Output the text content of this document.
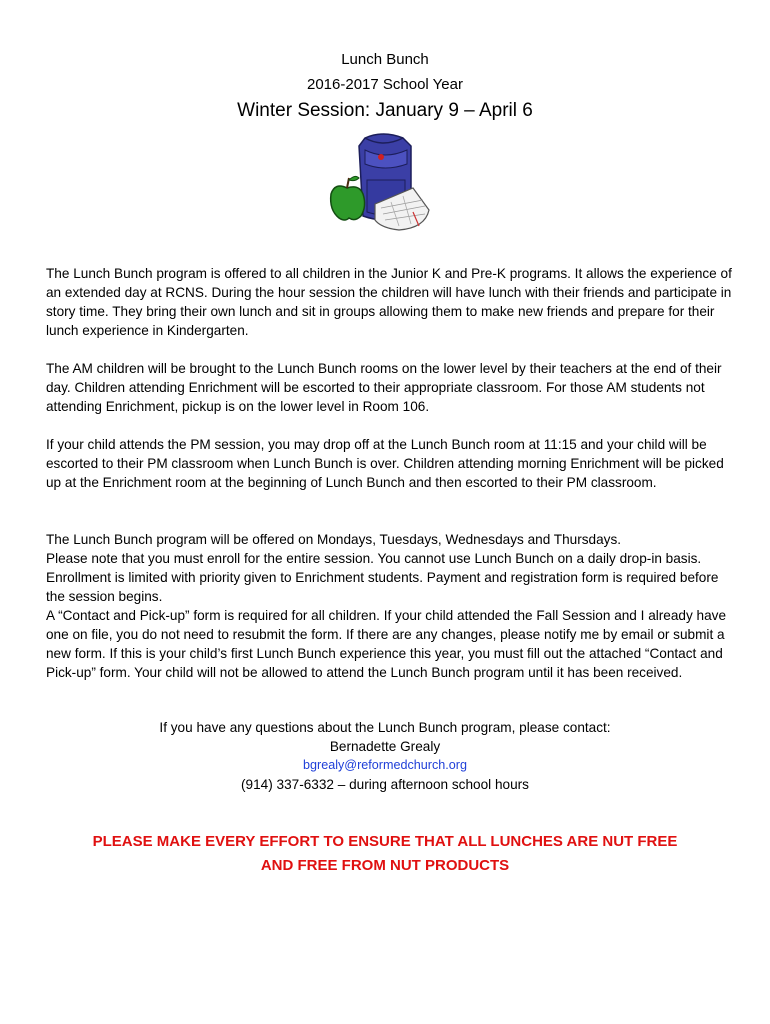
Lunch Bunch
2016-2017 School Year
Winter Session: January 9 – April 6

The Lunch Bunch program is offered to all children in the Junior K and Pre-K programs. It allows the experience of an extended day at RCNS. During the hour session the children will have lunch with their friends and participate in story time. They bring their own lunch and sit in groups allowing them to make new friends and prepare for their lunch experience in Kindergarten.

The AM children will be brought to the Lunch Bunch rooms on the lower level by their teachers at the end of their day. Children attending Enrichment will be escorted to their appropriate classroom. For those AM students not attending Enrichment, pickup is on the lower level in Room 106.

If your child attends the PM session, you may drop off at the Lunch Bunch room at 11:15 and your child will be escorted to their PM classroom when Lunch Bunch is over. Children attending morning Enrichment will be picked up at the Enrichment room at the beginning of Lunch Bunch and then escorted to their PM classroom.

The Lunch Bunch program will be offered on Mondays, Tuesdays, Wednesdays and Thursdays.
Please note that you must enroll for the entire session. You cannot use Lunch Bunch on a daily drop-in basis. Enrollment is limited with priority given to Enrichment students. Payment and registration form is required before the session begins.

A “Contact and Pick-up” form is required for all children. If your child attended the Fall Session and I already have one on file, you do not need to resubmit the form. If there are any changes, please notify me by email or submit a new form. If this is your child’s first Lunch Bunch experience this year, you must fill out the attached “Contact and Pick-up” form. Your child will not be allowed to attend the Lunch Bunch program until it has been received.

If you have any questions about the Lunch Bunch program, please contact:
Bernadette Grealy
bgrealy@reformedchurch.org
(914) 337-6332 – during afternoon school hours
PLEASE MAKE EVERY EFFORT TO ENSURE THAT ALL LUNCHES ARE NUT FREE
AND FREE FROM NUT PRODUCTS
